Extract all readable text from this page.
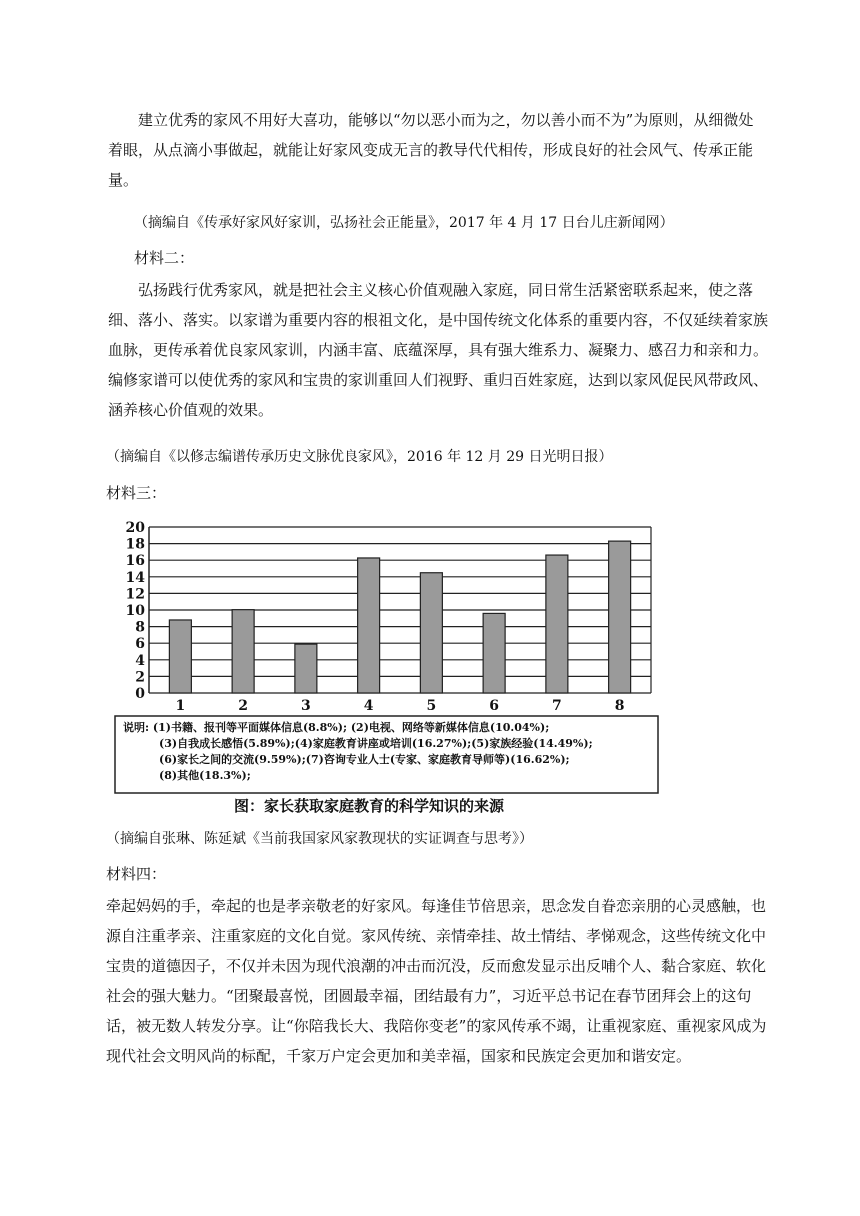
建立优秀的家风不用好大喜功，能够以“勿以恶小而为之，勿以善小而不为”为原则，从细微处着眼，从点滴小事做起，就能让好家风变成无言的教导代代相传，形成良好的社会风气、传承正能量。

（摘编自《传承好家风好家训，弘扬社会正能量》，2017 年 4 月 17 日台儿庄新闻网）

材料二：

弘扬践行优秀家风，就是把社会主义核心价值观融入家庭，同日常生活紧密联系起来，使之落细、落小、落实。以家谱为重要内容的根祖文化，是中国传统文化体系的重要内容，不仅延续着家族血脉，更传承着优良家风家训，内涵丰富、底蕴深厚，具有强大维系力、凝聚力、感召力和亲和力。编修家谱可以使优秀的家风和宝贵的家训重回人们视野、重归百姓家庭，达到以家风促民风带政风、涵养核心价值观的效果。

（摘编自《以修志编谱传承历史文脉优良家风》，2016 年 12 月 29 日光明日报）

材料三：

0
2
4
6
8
10
12
14
16
18
20
1	2	3	4	5	6	7	8
说明: (1)书籍、报刊等平面媒体信息(8.8%); (2)电视、网络等新媒体信息(10.04%);
(3)自我成长感悟(5.89%);(4)家庭教育讲座或培训(16.27%);(5)家族经验(14.49%);
(6)家长之间的交流(9.59%);(7)咨询专业人士(专家、家庭教育导师等)(16.62%);
(8)其他(18.3%);
图：家长获取家庭教育的科学知识的来源

（摘编自张琳、陈延斌《当前我国家风家教现状的实证调查与思考》）

材料四：

牵起妈妈的手，牵起的也是孝亲敬老的好家风。每逢佳节倍思亲，思念发自眷恋亲朋的心灵感触，也源自注重孝亲、注重家庭的文化自觉。家风传统、亲情牵挂、故土情结、孝悌观念，这些传统文化中宝贵的道德因子，不仅并未因为现代浪潮的冲击而沉没，反而愈发显示出反哺个人、黏合家庭、软化社会的强大魅力。“团聚最喜悦，团圆最幸福，团结最有力”，习近平总书记在春节团拜会上的这句话，被无数人转发分享。让“你陪我长大、我陪你变老”的家风传承不竭，让重视家庭、重视家风成为现代社会文明风尚的标配，千家万户定会更加和美幸福，国家和民族定会更加和谐安定。
